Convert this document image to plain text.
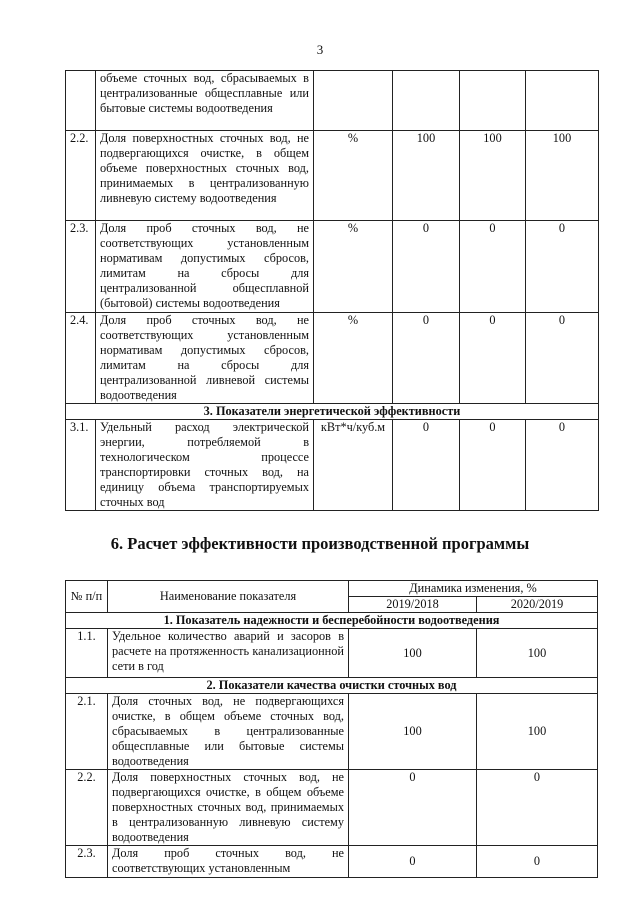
3
	объеме сточных вод, сбрасываемых в централизованные общесплавные или бытовые системы водоотведения				
2.2.	Доля поверхностных сточных вод, не подвергающихся очистке, в общем объеме поверхностных сточных вод, принимаемых в централизованную ливневую систему водоотведения	%	100	100	100
2.3.	Доля проб сточных вод, не соответствующих установленным нормативам допустимых сбросов, лимитам на сбросы для централизованной общесплавной (бытовой) системы водоотведения	%	0	0	0
2.4.	Доля проб сточных вод, не соответствующих установленным нормативам допустимых сбросов, лимитам на сбросы для централизованной ливневой системы водоотведения	%	0	0	0
3. Показатели энергетической эффективности					
3.1.	Удельный расход электрической энергии, потребляемой в технологическом процессе транспортировки сточных вод, на единицу объема транспортируемых сточных вод	кВт*ч/куб.м	0	0	0
6. Расчет эффективности производственной программы
№ п/п	Наименование показателя	Динамика изменения, %	
		2019/2018	2020/2019
1. Показатель надежности и бесперебойности водоотведения			
1.1.	Удельное количество аварий и засоров в расчете на протяженность канализационной сети в год	100	100
2. Показатели качества очистки сточных вод			
2.1.	Доля сточных вод, не подвергающихся очистке, в общем объеме сточных вод, сбрасываемых в централизованные общесплавные или бытовые системы водоотведения	100	100
2.2.	Доля поверхностных сточных вод, не подвергающихся очистке, в общем объеме поверхностных сточных вод, принимаемых в централизованную ливневую систему водоотведения	0	0
2.3.	Доля проб сточных вод, не соответствующих установленным	0	0
